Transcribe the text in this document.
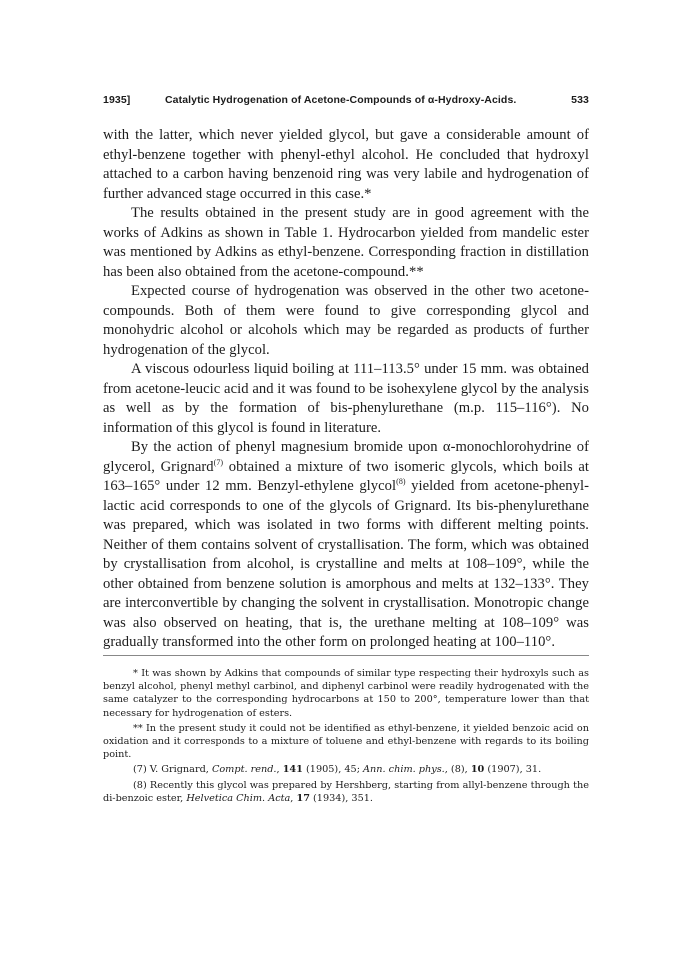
1935]	Catalytic Hydrogenation of Acetone-Compounds of α-Hydroxy-Acids.	533

with the latter, which never yielded glycol, but gave a considerable amount of ethyl-benzene together with phenyl-ethyl alcohol. He concluded that hydroxyl attached to a carbon having benzenoid ring was very labile and hydrogenation of further advanced stage occurred in this case.*

The results obtained in the present study are in good agreement with the works of Adkins as shown in Table 1. Hydrocarbon yielded from mandelic ester was mentioned by Adkins as ethyl-benzene. Corresponding fraction in distillation has been also obtained from the acetone-compound.**

Expected course of hydrogenation was observed in the other two acetone-compounds. Both of them were found to give corresponding glycol and monohydric alcohol or alcohols which may be regarded as products of further hydrogenation of the glycol.

A viscous odourless liquid boiling at 111–113.5° under 15 mm. was obtained from acetone-leucic acid and it was found to be isohexylene glycol by the analysis as well as by the formation of bis-phenylurethane (m.p. 115–116°). No information of this glycol is found in literature.

By the action of phenyl magnesium bromide upon α-monochlorohydrine of glycerol, Grignard$^{(7)}$ obtained a mixture of two isomeric glycols, which boils at 163–165° under 12 mm. Benzyl-ethylene glycol$^{(8)}$ yielded from acetone-phenyl-lactic acid corresponds to one of the glycols of Grignard. Its bis-phenylurethane was prepared, which was isolated in two forms with different melting points. Neither of them contains solvent of crystallisation. The form, which was obtained by crystallisation from alcohol, is crystalline and melts at 108–109°, while the other obtained from benzene solution is amorphous and melts at 132–133°. They are interconvertible by changing the solvent in crystallisation. Monotropic change was also observed on heating, that is, the urethane melting at 108–109° was gradually transformed into the other form on prolonged heating at 100–110°.

* It was shown by Adkins that compounds of similar type respecting their hydroxyls such as benzyl alcohol, phenyl methyl carbinol, and diphenyl carbinol were readily hydrogenated with the same catalyzer to the corresponding hydrocarbons at 150 to 200°, temperature lower than that necessary for hydrogenation of esters.

** In the present study it could not be identified as ethyl-benzene, it yielded benzoic acid on oxidation and it corresponds to a mixture of toluene and ethyl-benzene with regards to its boiling point.

(7) V. Grignard, Compt. rend., 141 (1905), 45; Ann. chim. phys., (8), 10 (1907), 31.

(8) Recently this glycol was prepared by Hershberg, starting from allyl-benzene through the di-benzoic ester, Helvetica Chim. Acta, 17 (1934), 351.
